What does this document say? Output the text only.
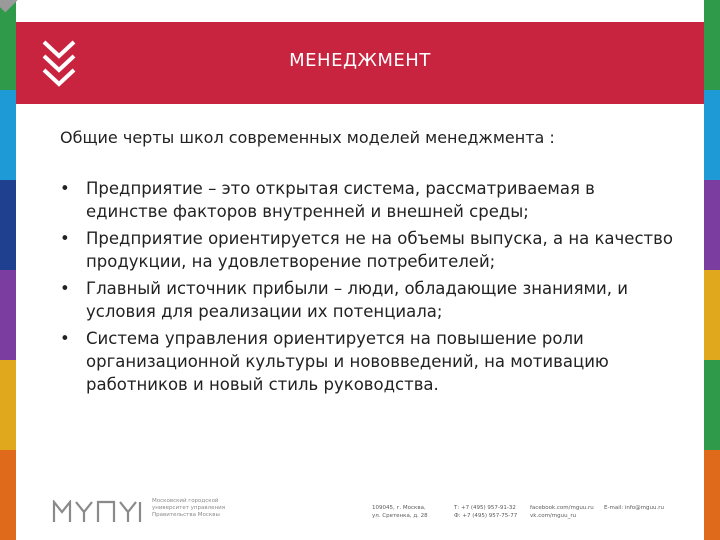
МЕНЕДЖМЕНТ
Общие черты школ современных моделей менеджмента :
• Предприятие – это открытая система, рассматриваемая в единстве факторов внутренней и внешней среды;
• Предприятие ориентируется не на объемы выпуска, а на качество продукции, на удовлетворение потребителей;
• Главный источник прибыли – люди, обладающие знаниями, и условия для реализации их потенциала;
• Система управления ориентируется на повышение роли организационной культуры и нововведений, на мотивацию работников и новый стиль руководства.
Московский городской
университет управления
Правительства Москвы
109045, г. Москва,
ул. Сретенка, д. 28
Т: +7 (495) 957-91-32
Ф: +7 (495) 957-75-77
facebook.com/mguu.ru
vk.com/mguu_ru
E-mail: info@mguu.ru
